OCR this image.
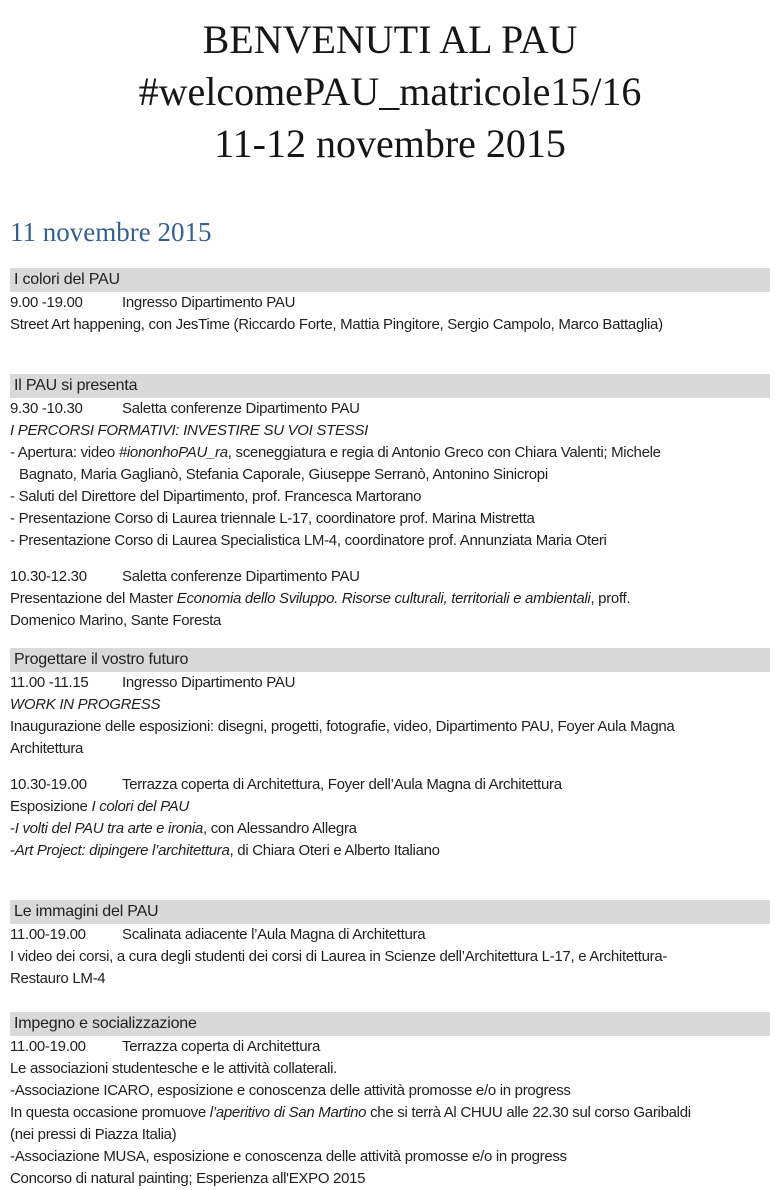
BENVENUTI AL PAU
#welcomePAU_matricole15/16
11-12 novembre 2015
11 novembre 2015
I colori del PAU
9.00 -19.00	Ingresso Dipartimento PAU
Street Art happening, con JesTime (Riccardo Forte, Mattia Pingitore, Sergio Campolo, Marco Battaglia)
Il PAU si presenta
9.30 -10.30	Saletta conferenze Dipartimento PAU
I PERCORSI FORMATIVI: INVESTIRE SU VOI STESSI
- Apertura: video #iononhoPAU_ra, sceneggiatura e regia di Antonio Greco con Chiara Valenti; Michele
Bagnato, Maria Gaglianò, Stefania Caporale, Giuseppe Serranò, Antonino Sinicropi
- Saluti del Direttore del Dipartimento, prof. Francesca Martorano
- Presentazione Corso di Laurea triennale L-17, coordinatore prof. Marina Mistretta
- Presentazione Corso di Laurea Specialistica LM-4, coordinatore prof. Annunziata Maria Oteri
10.30-12.30 Saletta conferenze Dipartimento PAU
Presentazione del Master Economia dello Sviluppo. Risorse culturali, territoriali e ambientali, proff.
Domenico Marino, Sante Foresta
Progettare il vostro futuro
11.00 -11.15 Ingresso Dipartimento PAU
WORK IN PROGRESS
Inaugurazione delle esposizioni: disegni, progetti, fotografie, video, Dipartimento PAU, Foyer Aula Magna
Architettura
10.30-19.00 Terrazza coperta di Architettura, Foyer dell’Aula Magna di Architettura
Esposizione I colori del PAU
-I volti del PAU tra arte e ironia, con Alessandro Allegra
-Art Project: dipingere l’architettura, di Chiara Oteri e Alberto Italiano
Le immagini del PAU
11.00-19.00 Scalinata adiacente l’Aula Magna di Architettura
I video dei corsi, a cura degli studenti dei corsi di Laurea in Scienze dell’Architettura L-17, e Architettura-
Restauro LM-4
Impegno e socializzazione
11.00-19.00 Terrazza coperta di Architettura
Le associazioni studentesche e le attività collaterali.
-Associazione ICARO, esposizione e conoscenza delle attività promosse e/o in progress
In questa occasione promuove l’aperitivo di San Martino che si terrà Al CHUU alle 22.30 sul corso Garibaldi
(nei pressi di Piazza Italia)
-Associazione MUSA, esposizione e conoscenza delle attività promosse e/o in progress
Concorso di natural painting; Esperienza all'EXPO 2015
